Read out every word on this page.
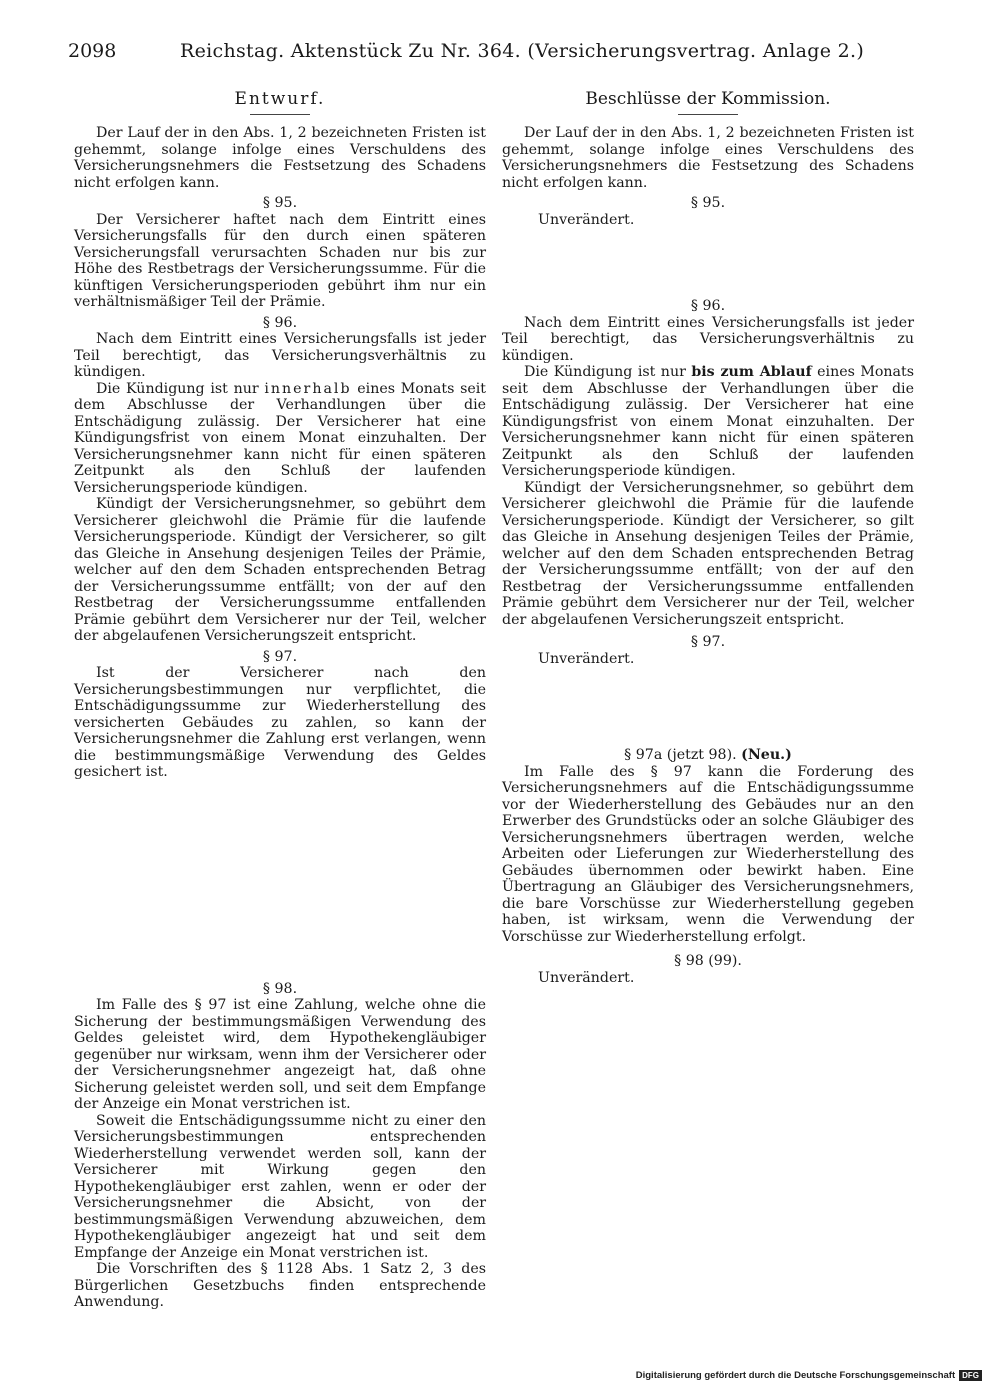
2098	Reichstag. Aktenstück Zu Nr. 364. (Versicherungsvertrag. Anlage 2.)
Entwurf.

Der Lauf der in den Abs. 1, 2 bezeichneten Fristen ist gehemmt, solange infolge eines Verschuldens des Versicherungsnehmers die Festsetzung des Schadens nicht erfolgen kann.

§ 95.

Der Versicherer haftet nach dem Eintritt eines Versicherungsfalls für den durch einen späteren Versicherungsfall verursachten Schaden nur bis zur Höhe des Restbetrags der Versicherungssumme. Für die künftigen Versicherungsperioden gebührt ihm nur ein verhältnismäßiger Teil der Prämie.

§ 96.

Nach dem Eintritt eines Versicherungsfalls ist jeder Teil berechtigt, das Versicherungsverhältnis zu kündigen.

Die Kündigung ist nur innerhalb eines Monats seit dem Abschlusse der Verhandlungen über die Entschädigung zulässig. Der Versicherer hat eine Kündigungsfrist von einem Monat einzuhalten. Der Versicherungsnehmer kann nicht für einen späteren Zeitpunkt als den Schluß der laufenden Versicherungsperiode kündigen.

Kündigt der Versicherungsnehmer, so gebührt dem Versicherer gleichwohl die Prämie für die laufende Versicherungsperiode. Kündigt der Versicherer, so gilt das Gleiche in Ansehung desjenigen Teiles der Prämie, welcher auf den dem Schaden entsprechenden Betrag der Versicherungssumme entfällt; von der auf den Restbetrag der Versicherungssumme entfallenden Prämie gebührt dem Versicherer nur der Teil, welcher der abgelaufenen Versicherungszeit entspricht.

§ 97.

Ist der Versicherer nach den Versicherungsbestimmungen nur verpflichtet, die Entschädigungssumme zur Wiederherstellung des versicherten Gebäudes zu zahlen, so kann der Versicherungsnehmer die Zahlung erst verlangen, wenn die bestimmungsmäßige Verwendung des Geldes gesichert ist.

§ 98.

Im Falle des § 97 ist eine Zahlung, welche ohne die Sicherung der bestimmungsmäßigen Verwendung des Geldes geleistet wird, dem Hypothekengläubiger gegenüber nur wirksam, wenn ihm der Versicherer oder der Versicherungsnehmer angezeigt hat, daß ohne Sicherung geleistet werden soll, und seit dem Empfange der Anzeige ein Monat verstrichen ist.

Soweit die Entschädigungssumme nicht zu einer den Versicherungsbestimmungen entsprechenden Wiederherstellung verwendet werden soll, kann der Versicherer mit Wirkung gegen den Hypothekengläubiger erst zahlen, wenn er oder der Versicherungsnehmer die Absicht, von der bestimmungsmäßigen Verwendung abzuweichen, dem Hypothekengläubiger angezeigt hat und seit dem Empfange der Anzeige ein Monat verstrichen ist.

Die Vorschriften des § 1128 Abs. 1 Satz 2, 3 des Bürgerlichen Gesetzbuchs finden entsprechende Anwendung.

Beschlüsse der Kommission.

Der Lauf der in den Abs. 1, 2 bezeichneten Fristen ist gehemmt, solange infolge eines Verschuldens des Versicherungsnehmers die Festsetzung des Schadens nicht erfolgen kann.

§ 95.

Unverändert.

§ 96.

Nach dem Eintritt eines Versicherungsfalls ist jeder Teil berechtigt, das Versicherungsverhältnis zu kündigen.

Die Kündigung ist nur bis zum Ablauf eines Monats seit dem Abschlusse der Verhandlungen über die Entschädigung zulässig. Der Versicherer hat eine Kündigungsfrist von einem Monat einzuhalten. Der Versicherungsnehmer kann nicht für einen späteren Zeitpunkt als den Schluß der laufenden Versicherungsperiode kündigen.

Kündigt der Versicherungsnehmer, so gebührt dem Versicherer gleichwohl die Prämie für die laufende Versicherungsperiode. Kündigt der Versicherer, so gilt das Gleiche in Ansehung desjenigen Teiles der Prämie, welcher auf den dem Schaden entsprechenden Betrag der Versicherungssumme entfällt; von der auf den Restbetrag der Versicherungssumme entfallenden Prämie gebührt dem Versicherer nur der Teil, welcher der abgelaufenen Versicherungszeit entspricht.

§ 97.

Unverändert.

§ 97a (jetzt 98). (Neu.)

Im Falle des § 97 kann die Forderung des Versicherungsnehmers auf die Entschädigungssumme vor der Wiederherstellung des Gebäudes nur an den Erwerber des Grundstücks oder an solche Gläubiger des Versicherungsnehmers übertragen werden, welche Arbeiten oder Lieferungen zur Wiederherstellung des Gebäudes übernommen oder bewirkt haben. Eine Übertragung an Gläubiger des Versicherungsnehmers, die bare Vorschüsse zur Wiederherstellung gegeben haben, ist wirksam, wenn die Verwendung der Vorschüsse zur Wiederherstellung erfolgt.

§ 98 (99).

Unverändert.

Digitalisierung gefördert durch die Deutsche Forschungsgemeinschaft DFG
